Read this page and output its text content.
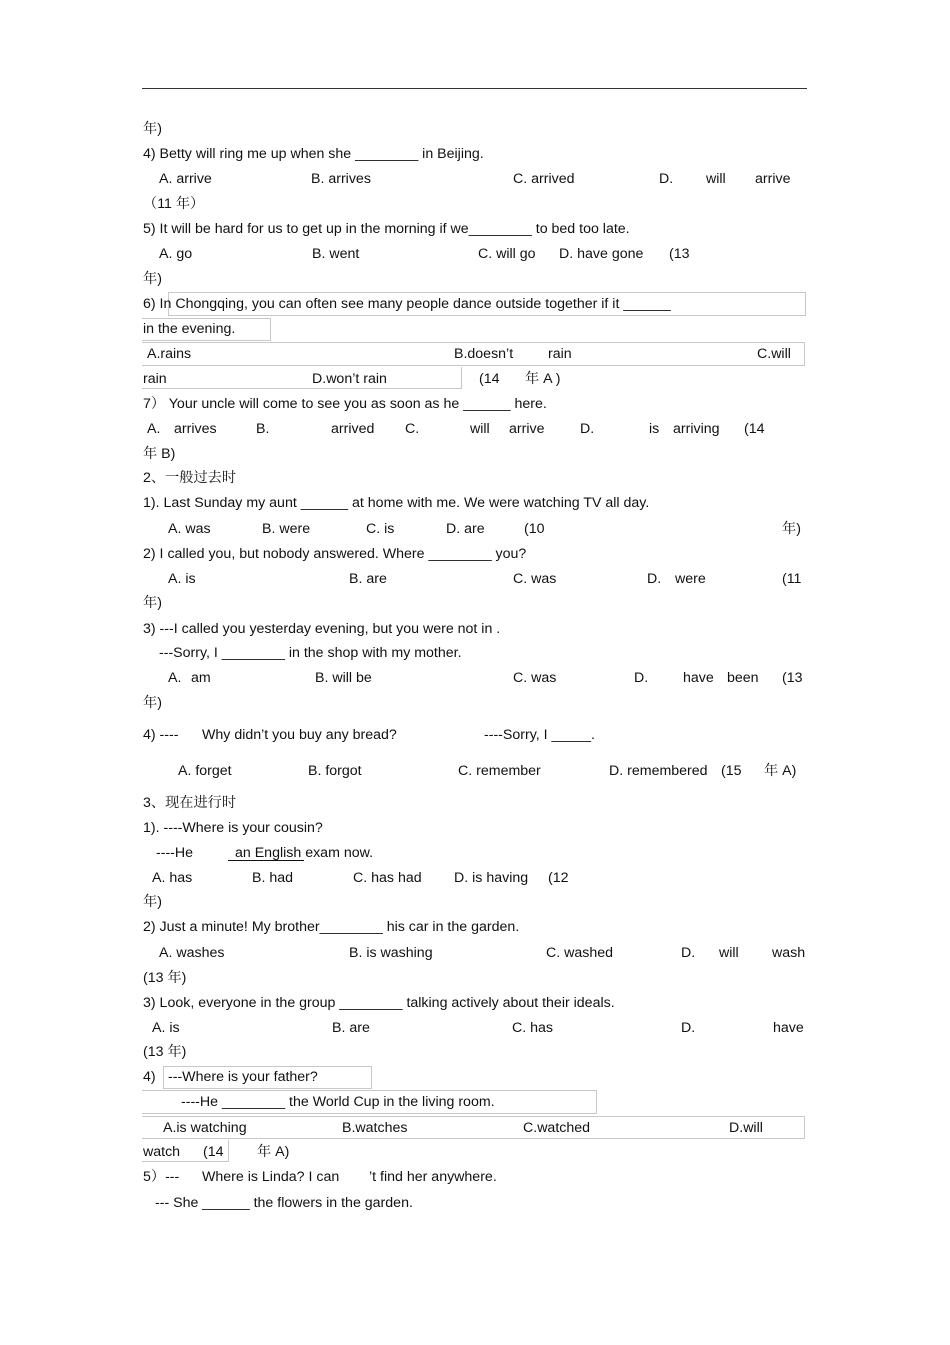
年)
4) Betty will ring me up when she ________ in Beijing.
A. arrive	B. arrives	C. arrived	D. will arrive
（11 年）
5) It will be hard for us to get up in the morning if we________ to bed too late.
A. go	B. went	C. will go D. have gone (13
年)
6) In Chongqing, you can often see many people dance outside together if it ______
in the evening.
A.rains	B.doesn’t rain	C.will
rain	D.won’t rain	(14 年 A )
7） Your uncle will come to see you as soon as he ______ here.
A. arrives	B.	arrived C.	will arrive	D.	is arriving (14
年 B)
2、一般过去时
1). Last Sunday my aunt ______ at home with me. We were watching TV all day.
A. was	B. were	C. is	D. are	(10	年)
2) I called you, but nobody answered. Where ________ you?
A. is	B. are	C. was	D. were	(11
年)
3) ---I called you yesterday evening, but you were not in .
---Sorry, I ________ in the shop with my mother.
A. am	B. will be	C. was	D. have been (13
年)
4) ---- Why didn’t you buy any bread?	----Sorry, I _____.
A. forget	B. forgot	C. remember	D. remembered (15 年 A)
3、现在进行时
1). ----Where is your cousin?
----He	an English exam now.
A. has	B. had	C. has had D. is having (12
年)
2) Just a minute! My brother________ his car in the garden.
A. washes	B. is washing	C. washed	D. will wash
(13 年)
3) Look, everyone in the group ________ talking actively about their ideals.
A. is	B. are	C. has	D.	have
(13 年)
4) ---Where is your father?
----He ________ the World Cup in the living room.
A.is watching	B.watches	C.watched	D.will
watch (14 年 A)
5）--- Where is Linda? I can ’t find her anywhere.
--- She ______ the flowers in the garden.
